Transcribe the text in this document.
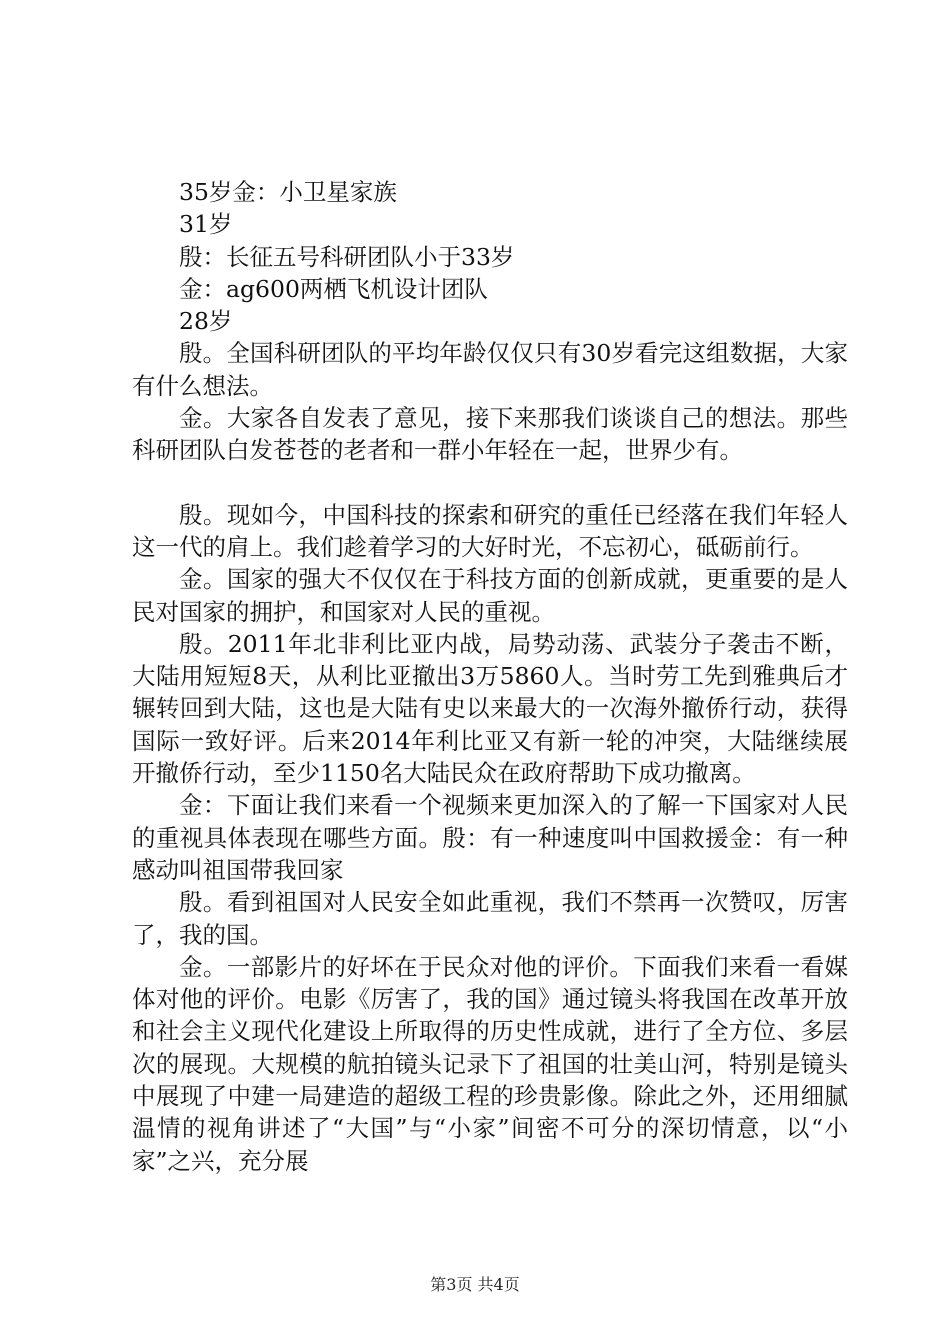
35岁金：小卫星家族

31岁

殷：长征五号科研团队小于33岁

金：ag600两栖飞机设计团队

28岁

殷。全国科研团队的平均年龄仅仅只有30岁看完这组数据，大家有什么想法。

金。大家各自发表了意见，接下来那我们谈谈自己的想法。那些科研团队白发苍苍的老者和一群小年轻在一起，世界少有。

殷。现如今，中国科技的探索和研究的重任已经落在我们年轻人这一代的肩上。我们趁着学习的大好时光，不忘初心，砥砺前行。

金。国家的强大不仅仅在于科技方面的创新成就，更重要的是人民对国家的拥护，和国家对人民的重视。

殷。2011年北非利比亚内战，局势动荡、武装分子袭击不断，大陆用短短8天，从利比亚撤出3万5860人。当时劳工先到雅典后才辗转回到大陆，这也是大陆有史以来最大的一次海外撤侨行动，获得国际一致好评。后来2014年利比亚又有新一轮的冲突，大陆继续展开撤侨行动，至少1150名大陆民众在政府帮助下成功撤离。

金：下面让我们来看一个视频来更加深入的了解一下国家对人民的重视具体表现在哪些方面。殷：有一种速度叫中国救援金：有一种感动叫祖国带我回家

殷。看到祖国对人民安全如此重视，我们不禁再一次赞叹，厉害了，我的国。

金。一部影片的好坏在于民众对他的评价。下面我们来看一看媒体对他的评价。电影《厉害了，我的国》通过镜头将我国在改革开放和社会主义现代化建设上所取得的历史性成就，进行了全方位、多层次的展现。大规模的航拍镜头记录下了祖国的壮美山河，特别是镜头中展现了中建一局建造的超级工程的珍贵影像。除此之外，还用细腻温情的视角讲述了“大国”与“小家”间密不可分的深切情意，以“小家”之兴，充分展

第3页 共4页
